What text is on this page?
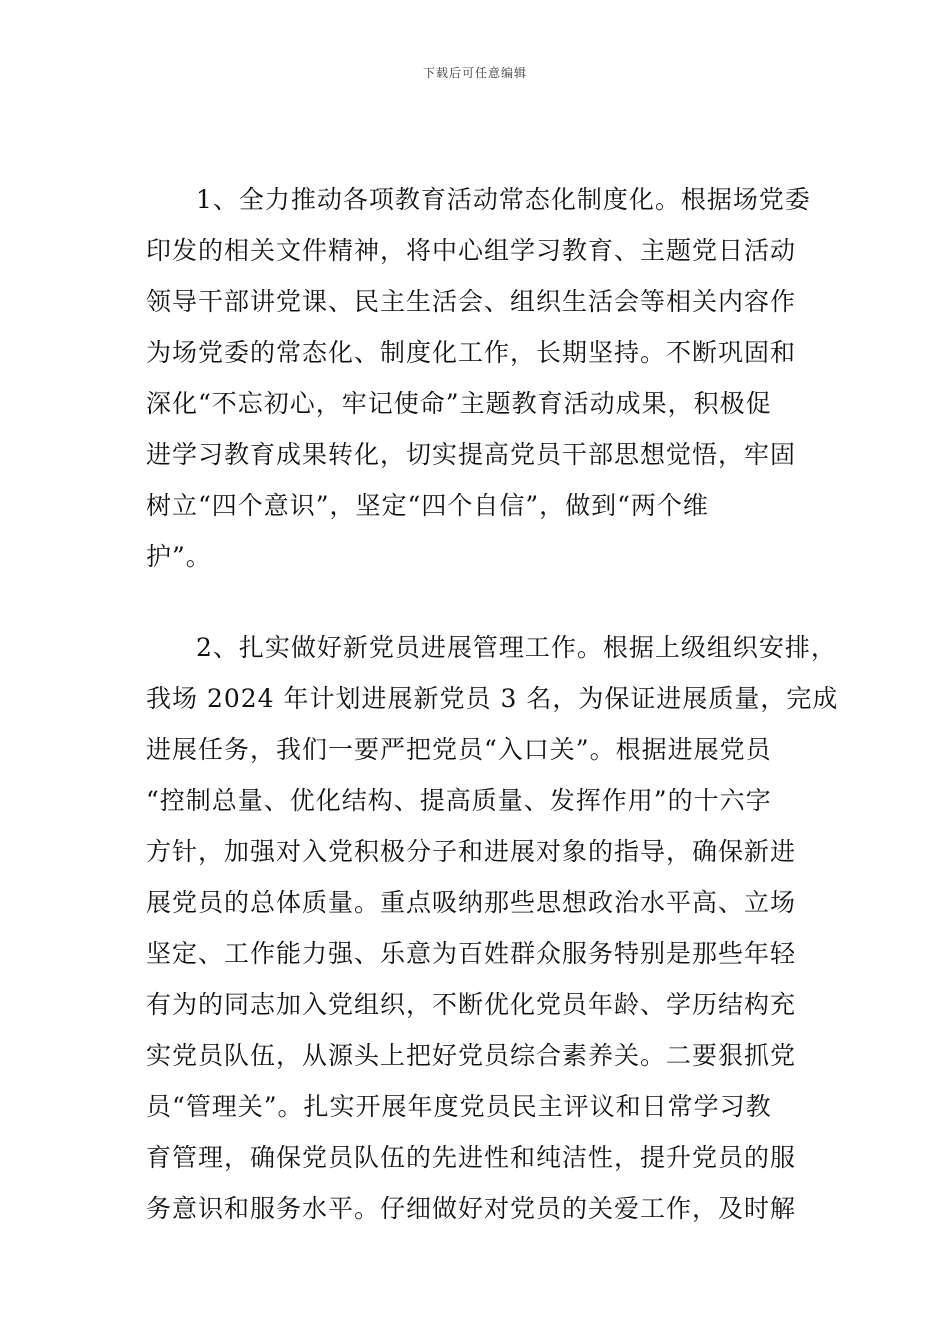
下载后可任意编辑
1、全力推动各项教育活动常态化制度化。根据场党委
印发的相关文件精神，将中心组学习教育、主题党日活动
领导干部讲党课、民主生活会、组织生活会等相关内容作
为场党委的常态化、制度化工作，长期坚持。不断巩固和
深化“不忘初心，牢记使命”主题教育活动成果，积极促
进学习教育成果转化，切实提高党员干部思想觉悟，牢固
树立“四个意识”，坚定“四个自信”，做到“两个维
护”。
2、扎实做好新党员进展管理工作。根据上级组织安排，
我场 2024 年计划进展新党员 3 名，为保证进展质量，完成
进展任务，我们一要严把党员“入口关”。根据进展党员
“控制总量、优化结构、提高质量、发挥作用”的十六字
方针，加强对入党积极分子和进展对象的指导，确保新进
展党员的总体质量。重点吸纳那些思想政治水平高、立场
坚定、工作能力强、乐意为百姓群众服务特别是那些年轻
有为的同志加入党组织，不断优化党员年龄、学历结构充
实党员队伍，从源头上把好党员综合素养关。二要狠抓党
员“管理关”。扎实开展年度党员民主评议和日常学习教
育管理，确保党员队伍的先进性和纯洁性，提升党员的服
务意识和服务水平。仔细做好对党员的关爱工作，及时解
